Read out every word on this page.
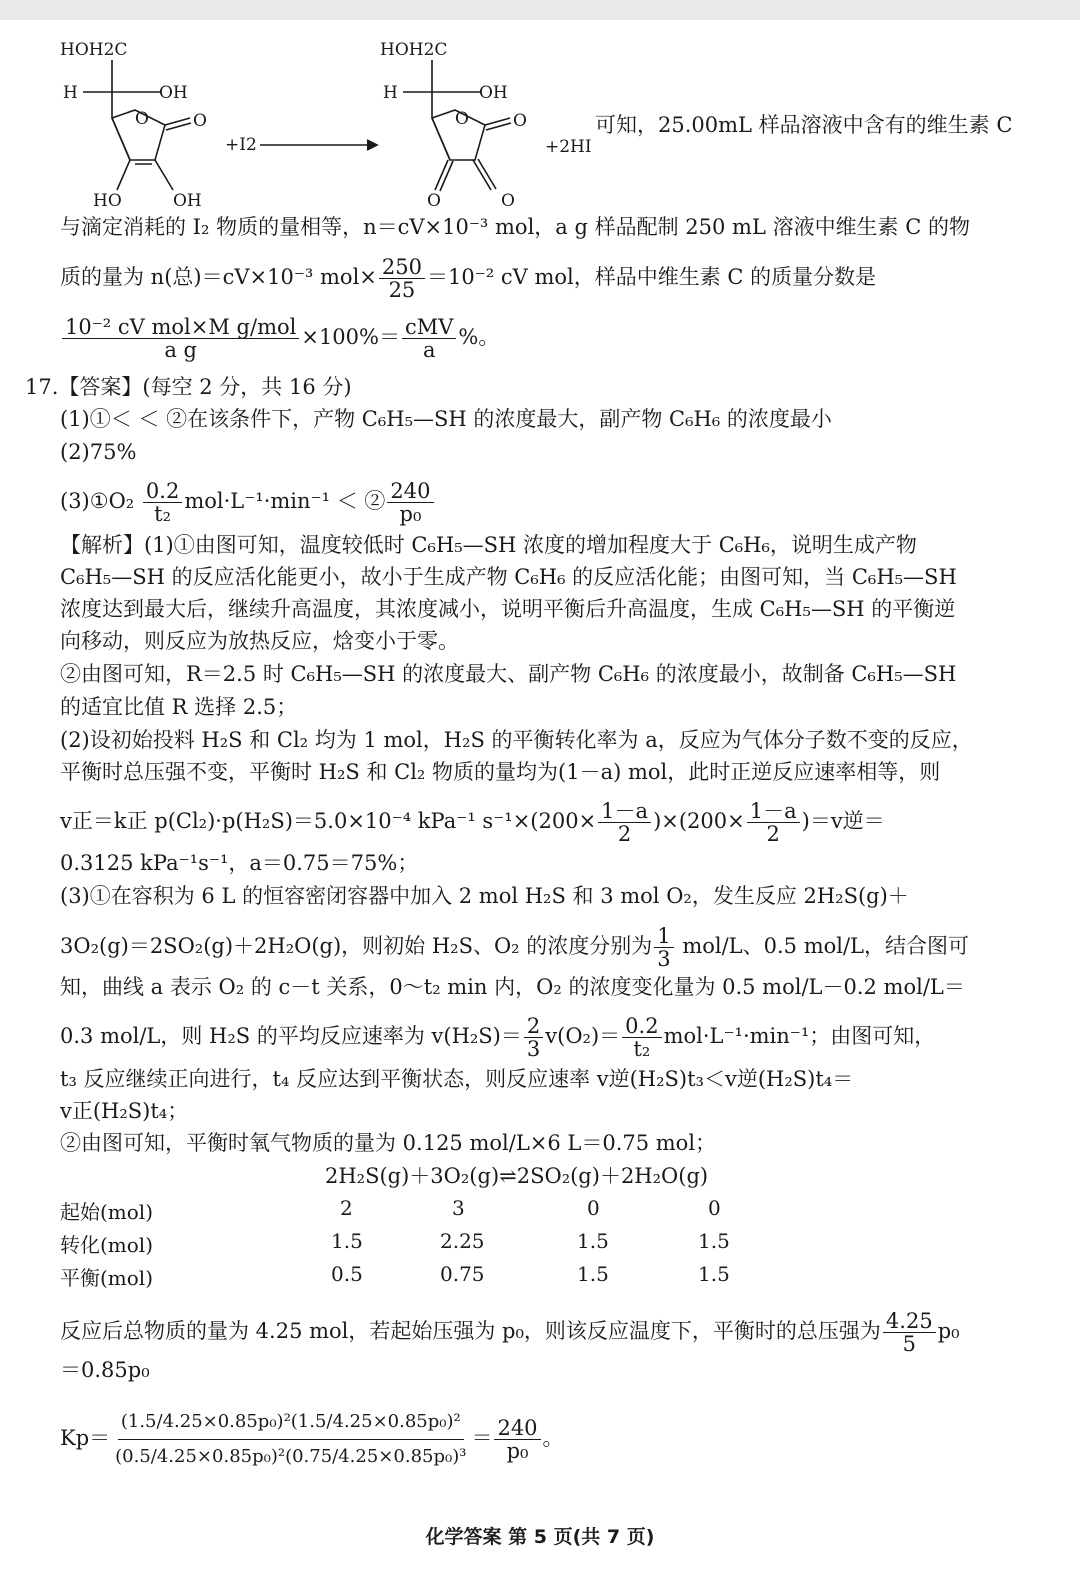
HOH2C
H	OH
O	O
HO	OH
+I2
HOH2C
H	OH
O	O
O	O
+2HI
可知，25.00mL 样品溶液中含有的维生素 C
与滴定消耗的 I₂ 物质的量相等，n＝cV×10⁻³ mol，a g 样品配制 250 mL 溶液中维生素 C 的物
质的量为 n(总)＝cV×10⁻³ $mol\times \frac{250}{25} =10^{-2}$ cV mol，样品中维生素 C 的质量分数是
$\frac{\text{10⁻² cV mol×M g/mol}}{\text{a g}} \times 100\%= \frac{\text{cMV}}{a}$ %。
17.【答案】(每空 2 分，共 16 分)
(1)①＜ ＜ ②在该条件下，产物 C₆H₅—SH 的浓度最大，副产物 C₆H₆ 的浓度最小
(2)75%
(3)①O₂ $\frac{0.2}{\text{t₂}} mol\cdot L^{-1}\cdot\min^{-1}$ ＜ ② $\frac{240}{\text{p₀}}$
【解析】(1)①由图可知，温度较低时 C₆H₅—SH 浓度的增加程度大于 C₆H₆，说明生成产物
C₆H₅—SH 的反应活化能更小，故小于生成产物 C₆H₆ 的反应活化能；由图可知，当 C₆H₅—SH
浓度达到最大后，继续升高温度，其浓度减小，说明平衡后升高温度，生成 C₆H₅—SH 的平衡逆
向移动，则反应为放热反应，焓变小于零。
②由图可知，R＝2.5 时 C₆H₅—SH 的浓度最大、副产物 C₆H₆ 的浓度最小，故制备 C₆H₅—SH
的适宜比值 R 选择 2.5；
(2)设初始投料 H₂S 和 Cl₂ 均为 1 mol，H₂S 的平衡转化率为 a，反应为气体分子数不变的反应，
平衡时总压强不变，平衡时 H₂S 和 Cl₂ 物质的量均为(1－a) mol，此时正逆反应速率相等，则
v正＝k正 p(Cl₂)·p(H₂S)＝5.0×10⁻⁴ kPa⁻¹ $s^{-1}\times(200\times \frac{1-a}{2} )\times(200\times \frac{1-a}{2} )=v$逆＝
0.3125 kPa⁻¹s⁻¹，a＝0.75＝75%；
(3)①在容积为 6 L 的恒容密闭容器中加入 2 mol H₂S 和 3 mol O₂，发生反应 2H₂S(g)＋
3O₂(g)＝2SO₂(g)＋2H₂O(g)，则初始 H₂S、O₂ 的浓度分别为 $\frac{1}{3} mol/L$、0.5 mol/L，结合图可
知，曲线 a 表示 O₂ 的 c－t 关系，0～t₂ min 内，O₂ 的浓度变化量为 0.5 mol/L－0.2 mol/L＝
0.3 mol/L，则 H₂S 的平均反应速率为 $v(H_2S)= \frac{2}{3} v(O_2)= \frac{0.2}{\text{t₂}} mol\cdot L^{-1}\cdot\min^{-1}$；由图可知，
t₃ 反应继续正向进行，t₄ 反应达到平衡状态，则反应速率 v逆(H₂S)t₃＜v逆(H₂S)t₄＝
v正(H₂S)t₄；
②由图可知，平衡时氧气物质的量为 0.125 mol/L×6 L＝0.75 mol；
2H₂S(g)＋3O₂(g)⇌2SO₂(g)＋2H₂O(g)
起始(mol)	2	3	0	0
转化(mol)	1.5	2.25	1.5	1.5
平衡(mol)	0.5	0.75	1.5	1.5
反应后总物质的量为 4.25 mol，若起始压强为 p₀，则该反应温度下，平衡时的总压强为 $\frac{4.25}{5} p_0$
＝0.85p₀
$Kp= \frac{\text{(1.5/4.25×0.85p₀)²(1.5/4.25×0.85p₀)²}}{\text{(0.5/4.25×0.85p₀)²(0.75/4.25×0.85p₀)³}} = \frac{240}{\text{p₀}}$ 。
化学答案 第 5 页(共 7 页)
